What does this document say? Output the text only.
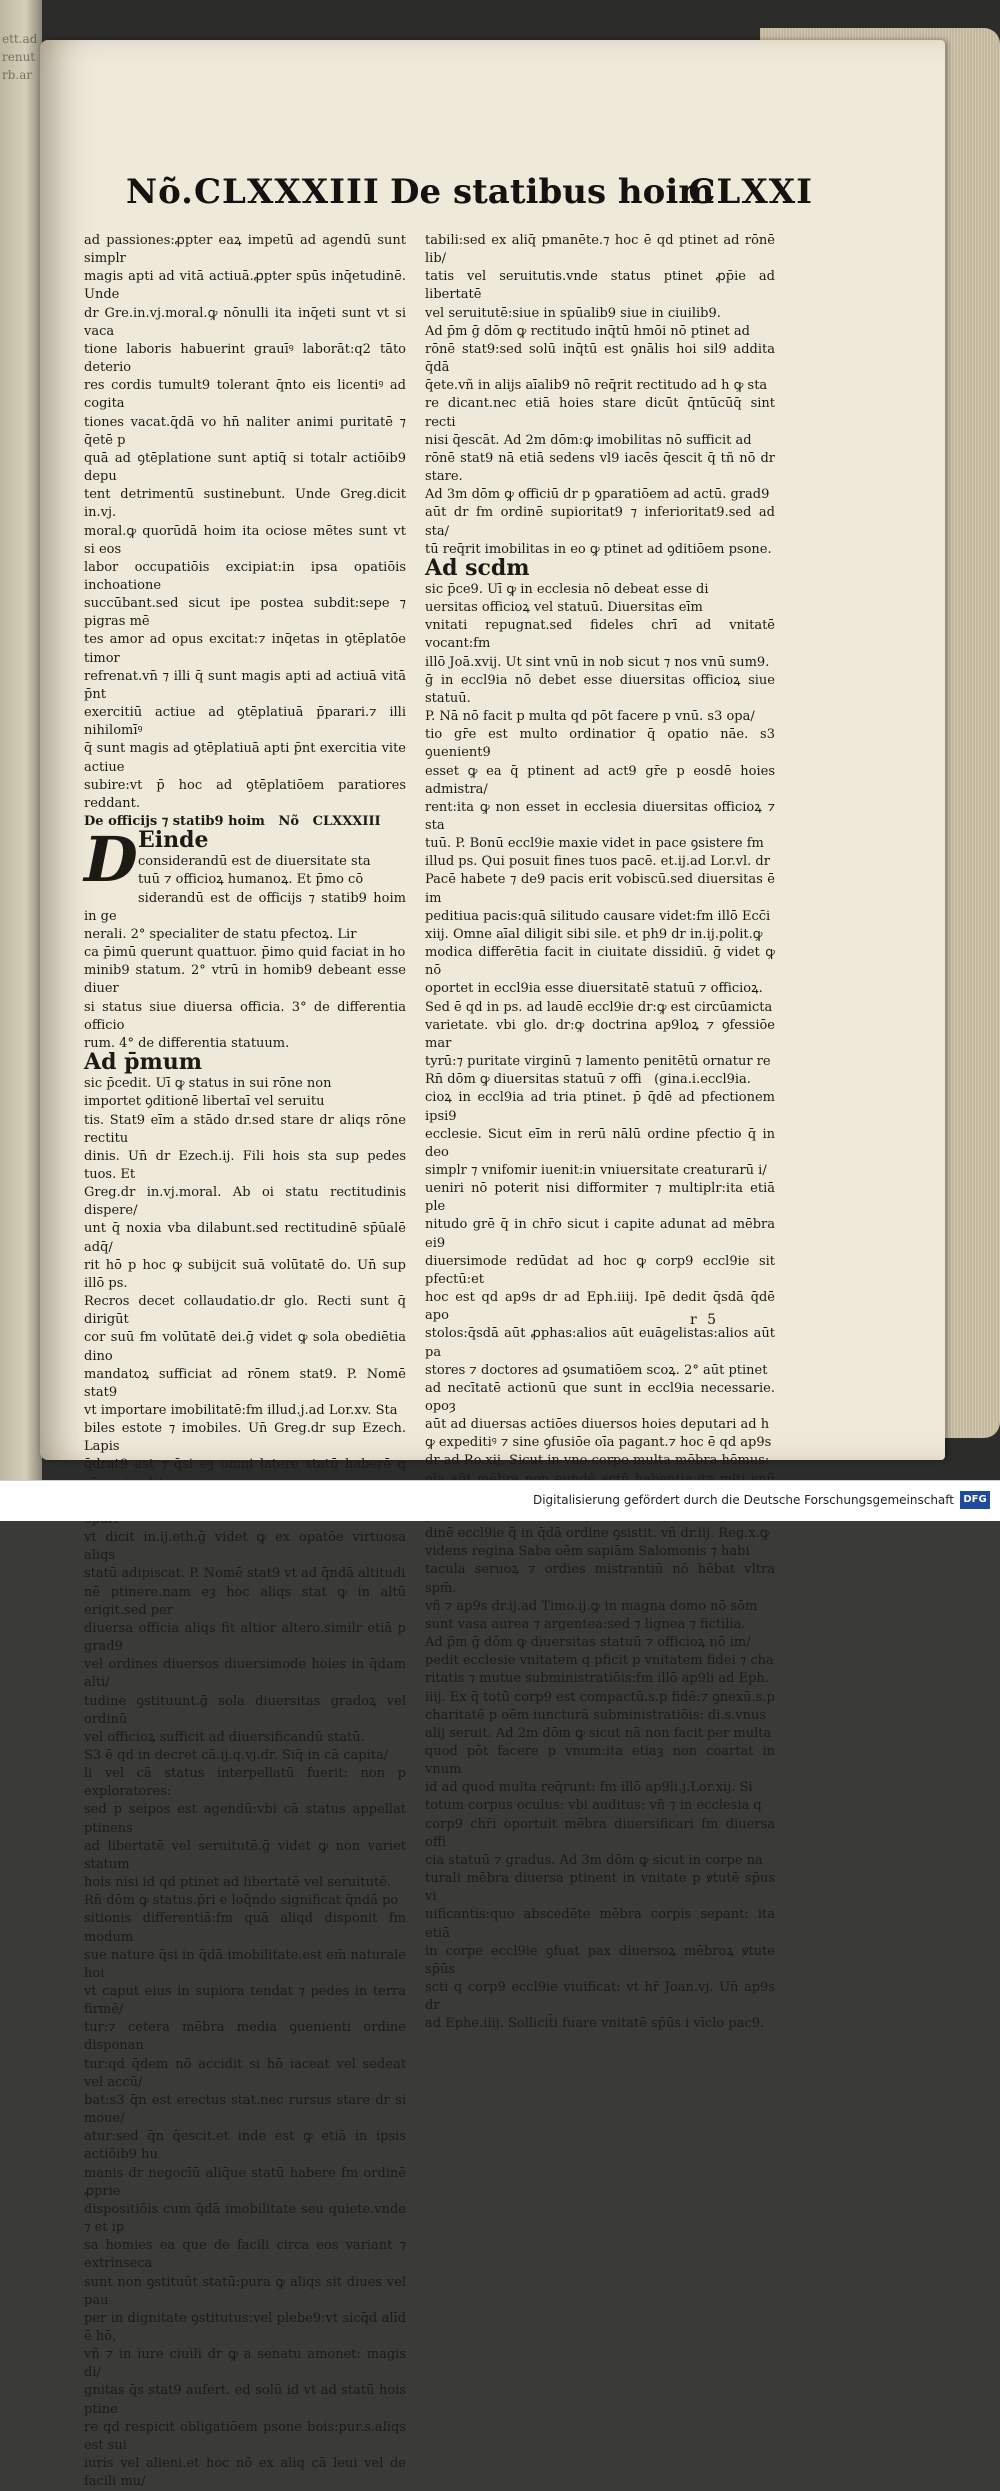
ett.adrenutrb.ar
Nõ.CLXXXIII De statibus hoim
CLXXI

ad passiones:ꝓpter eaꝝ impetū ad agendū sunt simplr

magis apti ad vitā actiuā.ꝓpter spūs inq̄etudinē. Unde

dr Gre.in.vj.moral.ꝙ nōnulli ita inq̄eti sunt vt si vaca

tione laboris habuerint grauīꝰ laborāt:q2 tāto deterio

res cordis tumult9 tolerant q̄nto eis licentiꝰ ad cogita

tiones vacat.q̄dā vo hn̄ naliter animi puritatē ⁊ q̄etē p

quā ad ꝯtēplatione sunt aptiq̄ si totalr actiōib9 depu

tent detrimentū sustinebunt. Unde Greg.dicit in.vj.

moral.ꝙ quorūdā hoim ita ociose mētes sunt vt si eos

labor occupatiōis excipiat:in ipsa opatiōis inchoatione

succūbant.sed sicut ipe postea subdit:sepe ⁊ pigras mē

tes amor ad opus excitat:⁊ inq̄etas in ꝯtēplatōe timor

refrenat.vn̄ ⁊ illi q̄ sunt magis apti ad actiuā vitā p̄nt

exercitiū actiue ad ꝯtēplatiuā p̄parari.⁊ illi nihilomīꝰ

q̄ sunt magis ad ꝯtēplatiuā apti p̄nt exercitia vite actiue

subire:vt p̄ hoc ad ꝯtēplatiōem paratiores reddant.

De officijs ⁊ statib9 hoim   Nõ   CLXXXIII

D Einde

considerandū est de diuersitate sta

tuū ⁊ officioꝝ humanoꝝ. Et p̄mo cō

siderandū est de officijs ⁊ statib9 hoim in ge

nerali. 2° specialiter de statu pfectoꝝ. Lir

ca p̄imū querunt quattuor. p̄imo quid faciat in ho

minib9 statum. 2° vtrū in homib9 debeant esse diuer

si status siue diuersa officia. 3° de differentia officio

rum. 4° de differentia statuum.

Ad p̄mum

sic p̄cedit. Uī ꝙ status in sui rōne non

importet ꝯditionē libertaī vel seruitu

tis. Stat9 eīm a stādo dr.sed stare dr aliqs rōne rectitu

dinis. Un̄ dr Ezech.ij. Fili hois sta sup pedes tuos. Et

Greg.dr in.vj.moral. Ab oi statu rectitudinis dispere/

unt q̄ noxia vba dilabunt.sed rectitudinē sp̄ūalē adq̄/

rit hō p hoc ꝙ subijcit suā volūtatē do. Un̄ sup illō ps.

Recros decet collaudatio.dr glo. Recti sunt q̄ dirigūt

cor suū fm volūtatē dei.ḡ videt ꝙ sola obediētia dino

mandatoꝝ sufficiat ad rōnem stat9. P. Nomē stat9

vt importare imobilitatē:fm illud.j.ad Lor.xv. Sta

biles estote ⁊ imobiles. Un̄ Greg.dr sup Ezech. Lapis

q̄drat9 est ⁊ q̄si eȝ omni latere statū haberē q

vt dicit in.ij.eth.ḡ videt ꝙ ex opatōe virtuosa aliqs

statū adipiscat. P. Nomē stat9 vt ad q̄ndā altitudi

nē ptinere.nam eȝ hoc aliqs stat ꝙ in altū erigit.sed per

diuersa officia aliqs fit altior altero.similr etiā p grad9

vel ordines diuersos diuersimode hoies in q̄dam alti/

tudine ꝯstituunt.ḡ sola diuersitas gradoꝝ vel ordinū

vel officioꝝ sufficit ad diuersificandū statū.

S3 ē qd in decret cā.ij.q.vj.dr. Siq̄ in cā capita/

li vel cā status interpellatū fuerit: non p exploratores:

sed p seipos est agendū:vbi cā status appellat ptinens

ad libertatē vel seruitutē.ḡ videt ꝙ non variet statum

hois nisi id qd ptinet ad libertatē vel seruitutē.

Rn̄ dōm ꝙ status.p̄ri e loq̄ndo significat q̄ndā po

sitionis differentiā:fm quā aliqd disponit fm modum

sue nature q̄si in q̄dā imobilitate.est em̄ naturale hoi

vt caput eius in supiora tendat ⁊ pedes in terra firmē/

tur:⁊ cetera mēbra media ꝯuenienti ordine disponan

tur:qd q̄dem nō accidit si hō iaceat vel sedeat vel accū/

bat:s3 q̄n est erectus stat.nec rursus stare dr si moue/

atur:sed q̄n q̄escit.et inde est ꝙ etiā in ipsis actiōib9 hu

manis dr negocīū aliq̄ue statū habere fm ordinē ꝓprie

dispositiōis cum q̄dā imobilitate seu quiete.vnde ⁊ et ip

sa homies ea que de facili circa eos variant ⁊ extrinseca

sunt non ꝯstituūt statū:pura ꝙ aliqs sit diues vel pau

per in dignitate ꝯstitutus:vel plebe9:vt sicq̄d alīd ē hō,

vñ ⁊ in iure ciuili dr ꝙ a senatu amonet: magis di/

gnitas q̄s stat9 aufert. ed solū id vt ad statū hois ptine

re qd respicit obligatiōem psone bois:pur.s.aliqs est sui

iuris vel alieni.et hoc nō ex aliq cā leui vel de facili mu/

tabili:sed ex aliq̄ pmanēte.⁊ hoc ē qd ptinet ad rōnē lib/

tatis vel seruitutis.vnde status ptinet ꝓp̄ie ad libertatē

vel seruitutē:siue in spūalib9 siue in ciuilib9.

Ad p̄m ḡ dōm ꝙ rectitudo inq̄tū hmōi nō ptinet ad

rōnē stat9:sed solū inq̄tū est ꝯnālis hoi sil9 addita q̄dā

q̄ete.vñ in alijs aīalib9 nō req̄rit rectitudo ad h ꝙ sta

re dicant.nec etiā hoies stare dicūt q̄ntūcūq̄ sint recti

nisi q̄escāt. Ad 2m dōm:ꝙ imobilitas nō sufficit ad

rōnē stat9 nā etiā sedens vl9 iacēs q̄escit q̄ tñ nō dr stare.

Ad 3m dōm ꝙ officiū dr p ꝯparatiōem ad actū. grad9

aūt dr fm ordinē supioritat9 ⁊ inferioritat9.sed ad sta/

tū req̄rit imobilitas in eo ꝙ ptinet ad ꝯditiōem psone.

Ad scdm

sic p̄ce9. Uī ꝙ in ecclesia nō debeat esse di

uersitas officioꝝ vel statuū. Diuersitas eīm

vnitati repugnat.sed fideles chrī ad vnitatē vocant:fm

illō Joā.xvij. Ut sint vnū in nob sicut ⁊ nos vnū sum9.

ḡ in eccl9ia nō debet esse diuersitas officioꝝ siue statuū.

P. Nā nō facit p multa qd pōt facere p vnū. s3 opa/

tio gr̄e est multo ordinatior q̄ opatio nāe. s3 ꝯuenient9

esset ꝙ ea q̄ ptinent ad act9 gr̄e p eosdē hoies admistra/

rent:ita ꝙ non esset in ecclesia diuersitas officioꝝ ⁊ sta

tuū. P. Bonū eccl9ie maxie videt in pace ꝯsistere fm

illud ps. Qui posuit fines tuos pacē. et.ij.ad Lor.vl. dr

Pacē habete ⁊ de9 pacis erit vobiscū.sed diuersitas ē im

peditiua pacis:quā silitudo causare videt:fm illō Ecc̄i

xiij. Omne aīal diligit sibi sile. et ph9 dr in.ij.polit.ꝙ

modica differētia facit in ciuitate dissidiū. ḡ videt ꝙ nō

oportet in eccl9ia esse diuersitatē statuū ⁊ officioꝝ.

Sed ē qd in ps. ad laudē eccl9ie dr:ꝙ est circūamicta

varietate. vbi glo. dr:ꝙ doctrina ap9loꝝ ⁊ ꝯfessiōe mar

tyrū:⁊ puritate virginū ⁊ lamento penitētū ornatur re

Rn̄ dōm ꝙ diuersitas statuū ⁊ offi   (gina.i.eccl9ia.

cioꝝ in eccl9ia ad tria ptinet. p̄ q̄dē ad pfectionem ipsi9

ecclesie. Sicut eīm in rerū nālū ordine pfectio q̄ in deo

simplr ⁊ vnifomir iuenit:in vniuersitate creaturarū i/

ueniri nō poterit nisi difformiter ⁊ multiplr:ita etiā ple

nitudo grē q̄ in chr̄o sicut i capite adunat ad mēbra ei9

diuersimode redūdat ad hoc ꝙ corp9 eccl9ie sit pfectū:et

hoc est qd ap9s dr ad Eph.iiij. Ipē dedit q̄sdā q̄dē apo

stolos:q̄sdā aūt ꝓphas:alios aūt euāgelistas:alios aūt pa

stores ⁊ doctores ad ꝯsumatiōem scoꝝ. 2° aūt ptinet

ad necītatē actionū que sunt in eccl9ia necessarie. opoȝ

aūt ad diuersas actiōes diuersos hoies deputari ad h

ꝙ expeditiꝰ ⁊ sine ꝯfusiōe oīa pagant.⁊ hoc ē qd ap9s

dr ad Ro.xij. Sicut in vno corpe multa mēbra hēmus:

dinē eccl9ie q̄ in q̄dā ordine ꝯsistit. vñ dr.iij. Reg.x.ꝙ

videns regina Saba oēm sapiām Salomonis ⁊ habi

tacula seruoꝝ ⁊ ordies mistrantiū nō hēbat vltra spm̄.

vñ ⁊ ap9s dr.ij.ad Timo.ij.ꝙ in magna domo nō sōm

sunt vasa aurea ⁊ argentea:sed ⁊ lignea ⁊ fictilia.

Ad p̄m ḡ dōm ꝙ diuersitas statuū ⁊ officioꝝ nō im/

pedit ecclesie vnitatem q pficit p vnitatem fidei ⁊ cha

ritatis ⁊ mutue subministratiōis:fm illō ap9li ad Eph.

iiij. Ex q̄ totū corp9 est compactū.s.p fidē:⁊ ꝯnexū.s.p

charitatē p oēm iuncturā subministratiōis: di.s.vnus

alij seruit. Ad 2m dōm ꝙ sicut nā non facit per multa

quod pōt facere p vnum:ita etiaȝ non coartat in vnum

id ad quod multa req̄runt: fm illō ap9li.j.Lor.xij. Si

totum corpus oculus: vbi auditus: vñ ⁊ in ecclesia q

corp9 chr̄i oportuit mēbra diuersificari fm diuersa offi

cia statuū ⁊ gradus. Ad 3m dōm ꝙ sicut in corpe na

turali mēbra diuersa ptinent in vnitate p ꝟtutē sp̄us vi

uificantis:quo abscedēte mēbra corpis sepant: ita etiā

in corpe eccl9ie ꝯfuat pax diuersoꝝ mēbroꝝ ꝟtute sp̄ūs

scti q corp9 eccl9ie viuificat: vt hr̄ Joan.vj. Un̄ ap9s dr

ad Ephe.iiij. Sollicit̄i fuare vnitatē sp̄ūs i vīclo pac9.

r 5
Digitalisierung gefördert durch die Deutsche Forschungsgemeinschaft DFG
